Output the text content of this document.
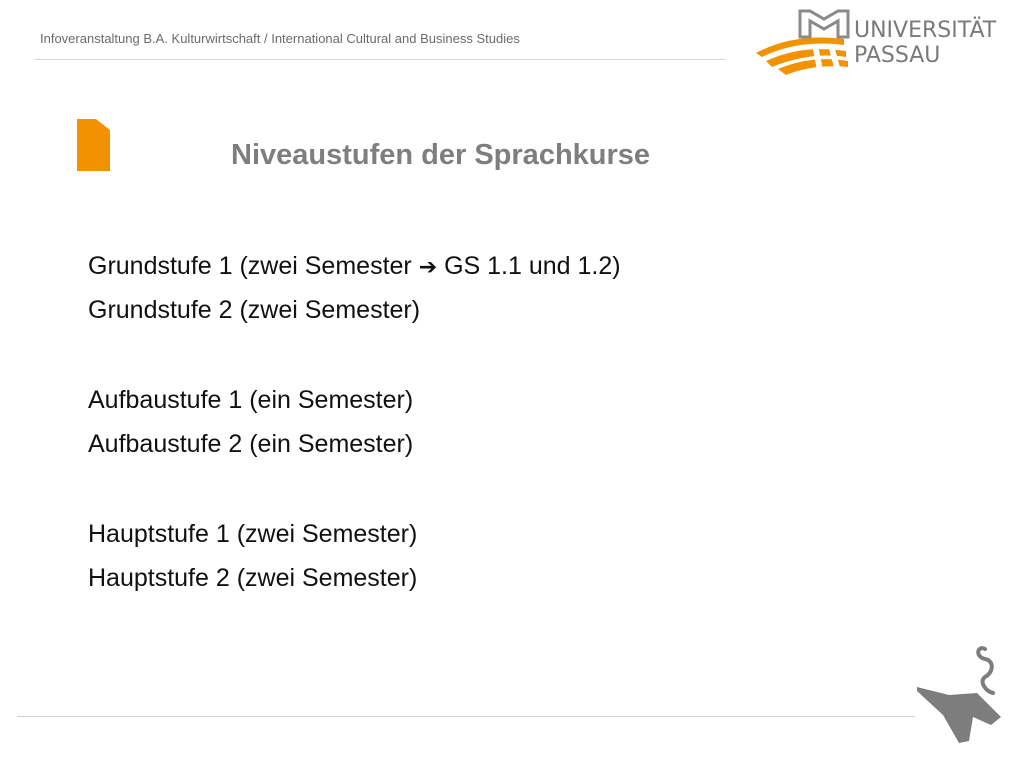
Infoveranstaltung B.A. Kulturwirtschaft / International Cultural and Business Studies	UNIVERSITÄT
PASSAU
Niveaustufen der Sprachkurse
Grundstufe 1 (zwei Semester ➔ GS 1.1 und 1.2)
Grundstufe 2 (zwei Semester)
Aufbaustufe 1 (ein Semester)
Aufbaustufe 2 (ein Semester)
Hauptstufe 1 (zwei Semester)
Hauptstufe 2 (zwei Semester)
